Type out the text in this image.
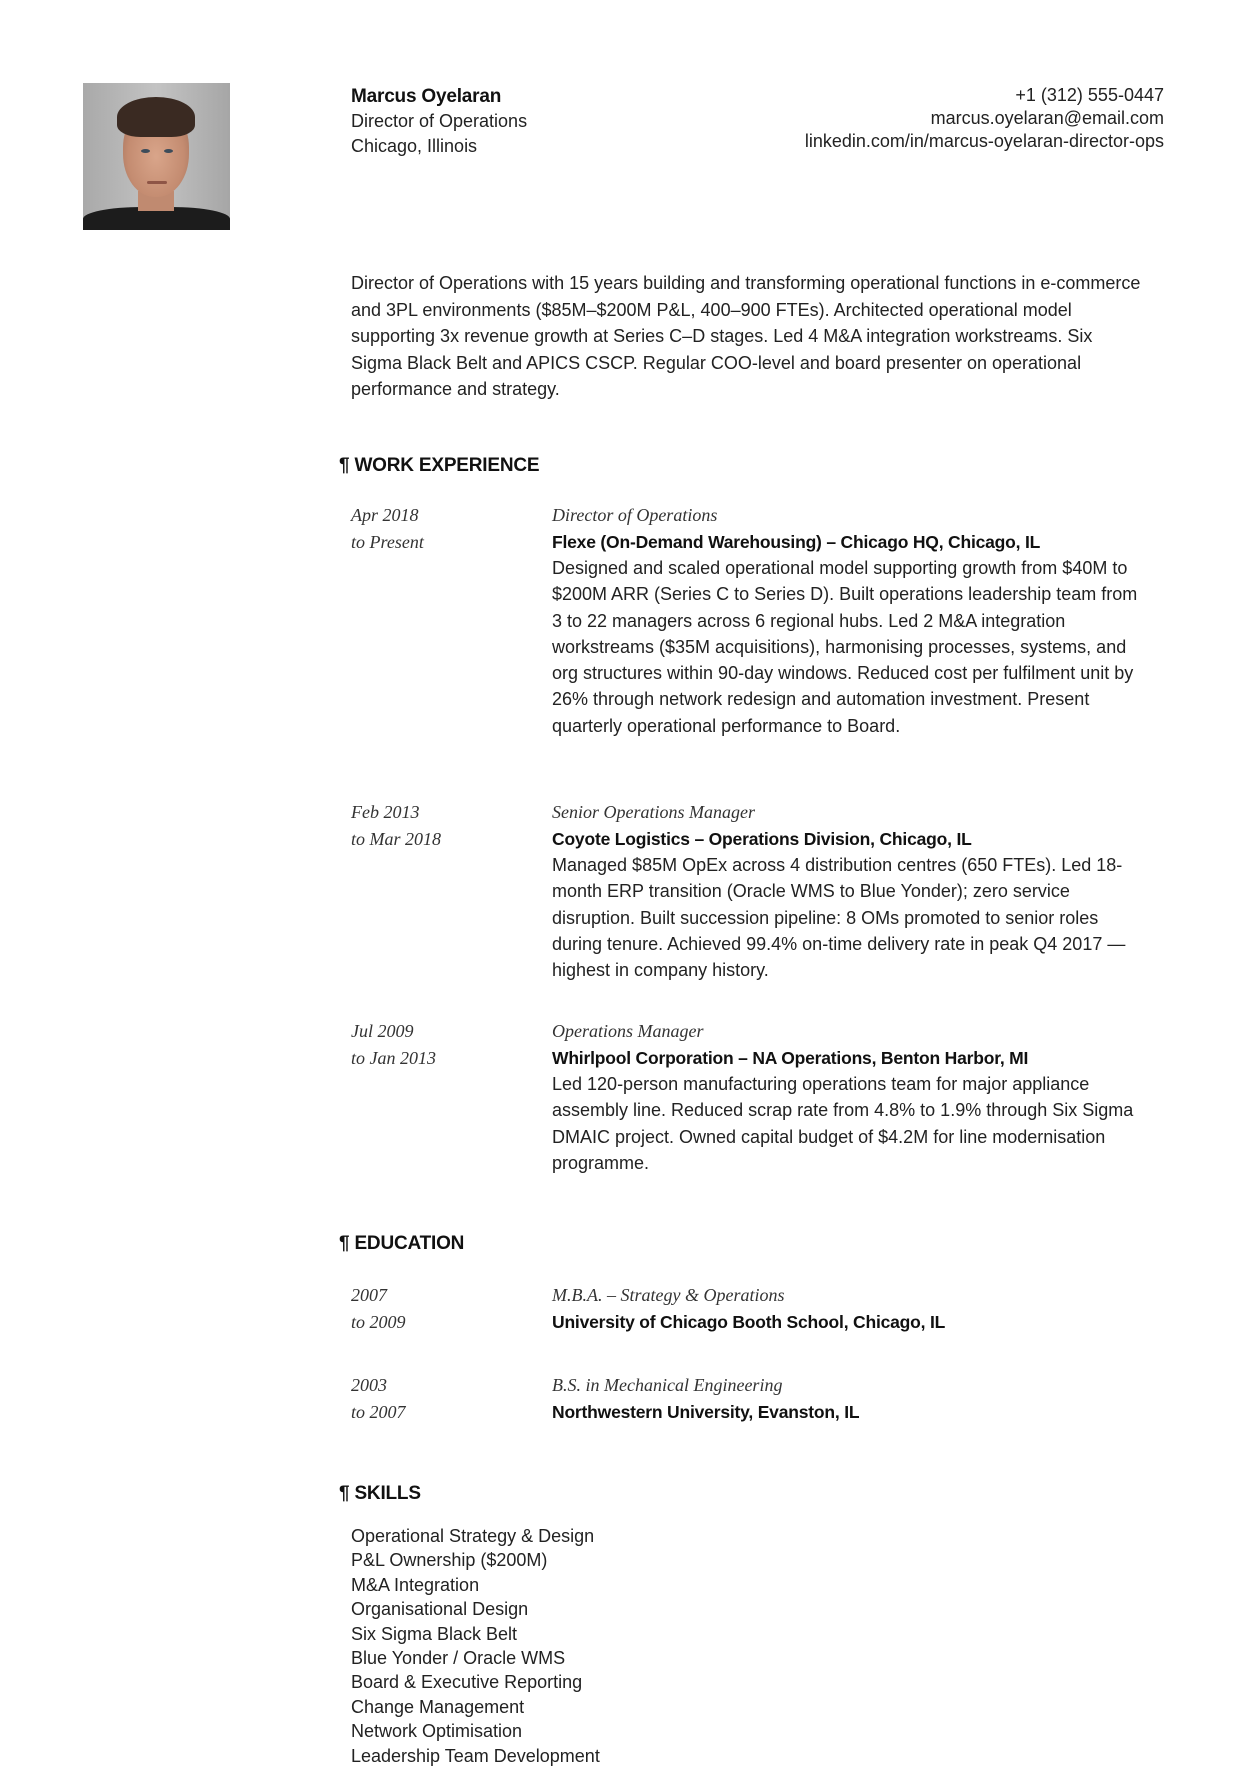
Marcus Oyelaran
Director of Operations
Chicago, Illinois
+1 (312) 555-0447
marcus.oyelaran@email.com
linkedin.com/in/marcus-oyelaran-director-ops
Director of Operations with 15 years building and transforming operational functions in e-commerce and 3PL environments ($85M–$200M P&L, 400–900 FTEs). Architected operational model supporting 3x revenue growth at Series C–D stages. Led 4 M&A integration workstreams. Six Sigma Black Belt and APICS CSCP. Regular COO-level and board presenter on operational performance and strategy.
¶ WORK EXPERIENCE
Apr 2018
to Present
Director of Operations
Flexe (On-Demand Warehousing) – Chicago HQ, Chicago, IL
Designed and scaled operational model supporting growth from $40M to $200M ARR (Series C to Series D). Built operations leadership team from 3 to 22 managers across 6 regional hubs. Led 2 M&A integration workstreams ($35M acquisitions), harmonising processes, systems, and org structures within 90-day windows. Reduced cost per fulfilment unit by 26% through network redesign and automation investment. Present quarterly operational performance to Board.
Feb 2013
to Mar 2018
Senior Operations Manager
Coyote Logistics – Operations Division, Chicago, IL
Managed $85M OpEx across 4 distribution centres (650 FTEs). Led 18-month ERP transition (Oracle WMS to Blue Yonder); zero service disruption. Built succession pipeline: 8 OMs promoted to senior roles during tenure. Achieved 99.4% on-time delivery rate in peak Q4 2017 — highest in company history.
Jul 2009
to Jan 2013
Operations Manager
Whirlpool Corporation – NA Operations, Benton Harbor, MI
Led 120-person manufacturing operations team for major appliance assembly line. Reduced scrap rate from 4.8% to 1.9% through Six Sigma DMAIC project. Owned capital budget of $4.2M for line modernisation programme.
¶ EDUCATION
2007
to 2009
M.B.A. – Strategy & Operations
University of Chicago Booth School, Chicago, IL
2003
to 2007
B.S. in Mechanical Engineering
Northwestern University, Evanston, IL
¶ SKILLS
Operational Strategy & Design
P&L Ownership ($200M)
M&A Integration
Organisational Design
Six Sigma Black Belt
Blue Yonder / Oracle WMS
Board & Executive Reporting
Change Management
Network Optimisation
Leadership Team Development
